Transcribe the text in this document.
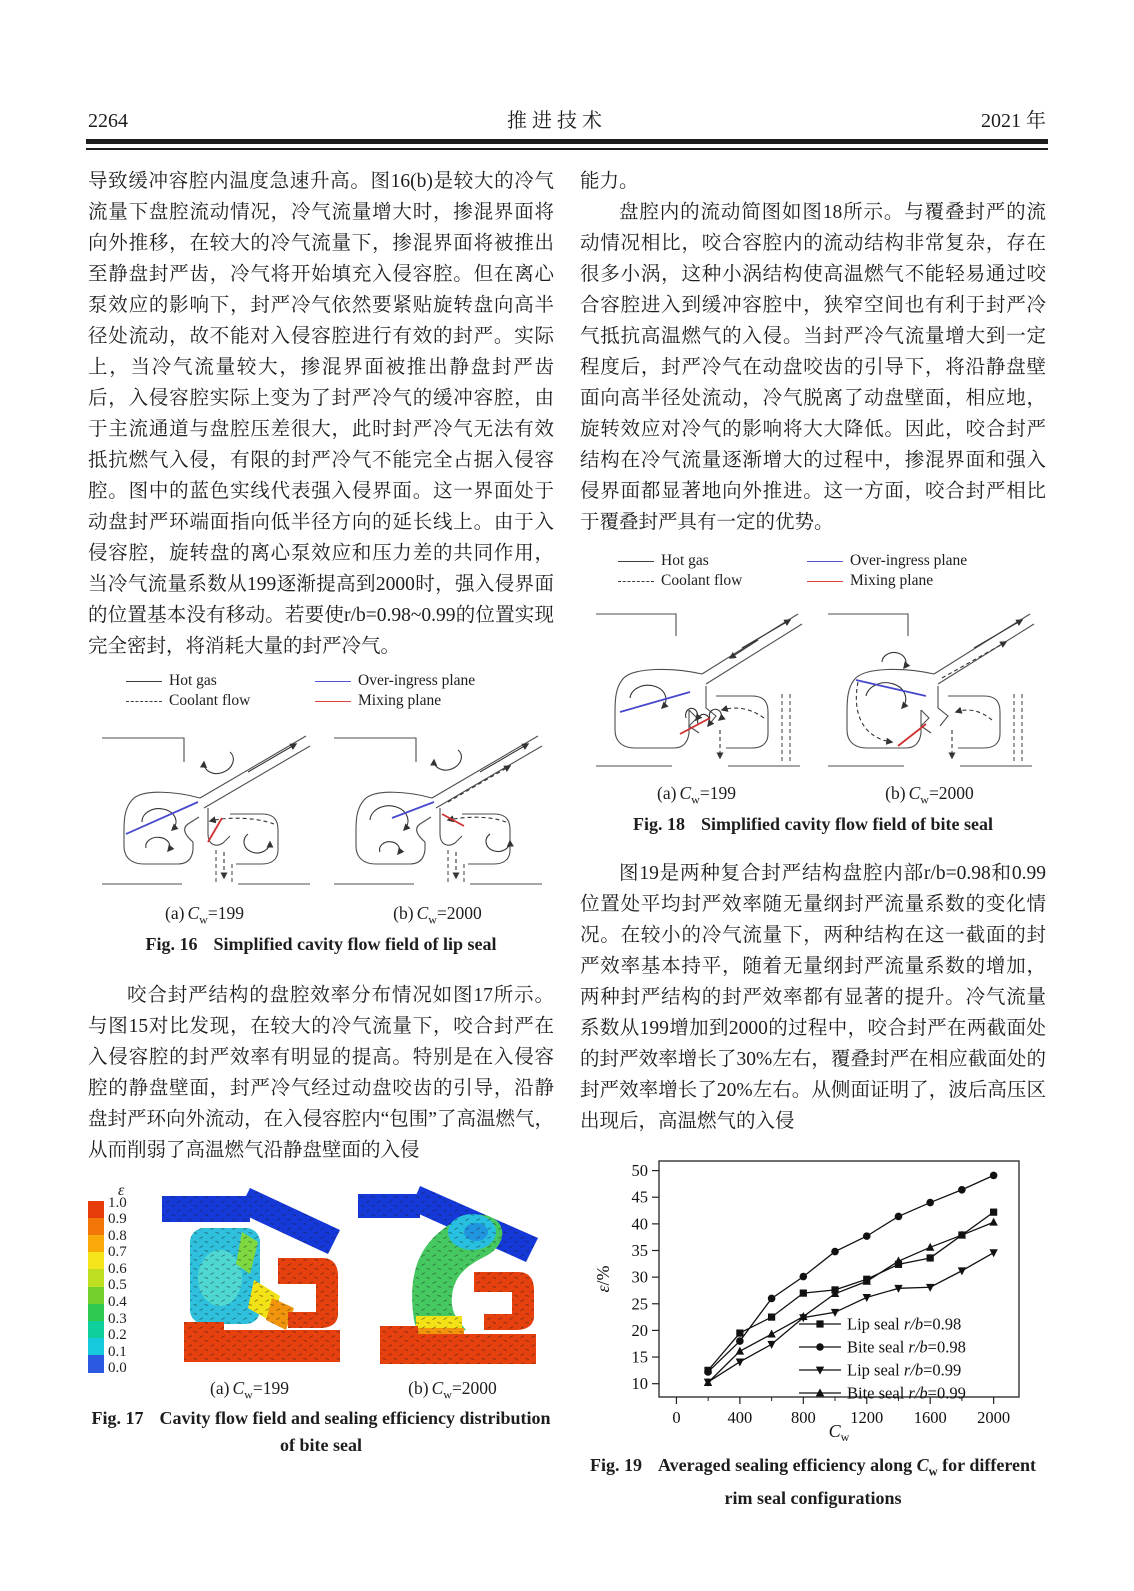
2264	推 进 技 术	2021 年

导致缓冲容腔内温度急速升高。图16(b)是较大的冷气流量下盘腔流动情况，冷气流量增大时，掺混界面将向外推移，在较大的冷气流量下，掺混界面将被推出至静盘封严齿，冷气将开始填充入侵容腔。但在离心泵效应的影响下，封严冷气依然要紧贴旋转盘向高半径处流动，故不能对入侵容腔进行有效的封严。实际上，当冷气流量较大，掺混界面被推出静盘封严齿后，入侵容腔实际上变为了封严冷气的缓冲容腔，由于主流通道与盘腔压差很大，此时封严冷气无法有效抵抗燃气入侵，有限的封严冷气不能完全占据入侵容腔。图中的蓝色实线代表强入侵界面。这一界面处于动盘封严环端面指向低半径方向的延长线上。由于入侵容腔，旋转盘的离心泵效应和压力差的共同作用，当冷气流量系数从199逐渐提高到2000时，强入侵界面的位置基本没有移动。若要使r/b=0.98~0.99的位置实现完全密封，将消耗大量的封严冷气。

Hot gas	Over-ingress plane
Coolant flow	Mixing plane
(a) $C_w=199$	(b) $C_w=2000$
Fig. 16 Simplified cavity flow field of lip seal

咬合封严结构的盘腔效率分布情况如图17所示。与图15对比发现，在较大的冷气流量下，咬合封严在入侵容腔的封严效率有明显的提高。特别是在入侵容腔的静盘壁面，封严冷气经过动盘咬齿的引导，沿静盘封严环向外流动，在入侵容腔内“包围”了高温燃气，从而削弱了高温燃气沿静盘壁面的入侵

ε
1.0
0.9
0.8
0.7
0.6
0.5
0.4
0.3
0.2
0.1
0.0
(a) $C_w=199$	(b) $C_w=2000$
Fig. 17 Cavity flow field and sealing efficiency distribution
of bite seal

能力。

盘腔内的流动简图如图18所示。与覆叠封严的流动情况相比，咬合容腔内的流动结构非常复杂，存在很多小涡，这种小涡结构使高温燃气不能轻易通过咬合容腔进入到缓冲容腔中，狭窄空间也有利于封严冷气抵抗高温燃气的入侵。当封严冷气流量增大到一定程度后，封严冷气在动盘咬齿的引导下，将沿静盘壁面向高半径处流动，冷气脱离了动盘壁面，相应地，旋转效应对冷气的影响将大大降低。因此，咬合封严结构在冷气流量逐渐增大的过程中，掺混界面和强入侵界面都显著地向外推进。这一方面，咬合封严相比于覆叠封严具有一定的优势。

Hot gas	Over-ingress plane
Coolant flow	Mixing plane
(a) $C_w=199$	(b) $C_w=2000$
Fig. 18 Simplified cavity flow field of bite seal

图19是两种复合封严结构盘腔内部r/b=0.98和0.99位置处平均封严效率随无量纲封严流量系数的变化情况。在较小的冷气流量下，两种结构在这一截面的封严效率基本持平，随着无量纲封严流量系数的增加，两种封严结构的封严效率都有显著的提升。冷气流量系数从199增加到2000的过程中，咬合封严在两截面处的封严效率增长了30%左右，覆叠封严在相应截面处的封严效率增长了20%左右。从侧面证明了，波后高压区出现后，高温燃气的入侵

0	400 800 1200 1600 2000
10
15
20
25
30
35
40
45
50
Lip seal r/b=0.98
Bite seal r/b=0.98
Lip seal r/b=0.99
Bite seal r/b=0.99
ε/%
$C_w$
Fig. 19 Averaged sealing efficiency along $C_w$ for different
rim seal configurations
